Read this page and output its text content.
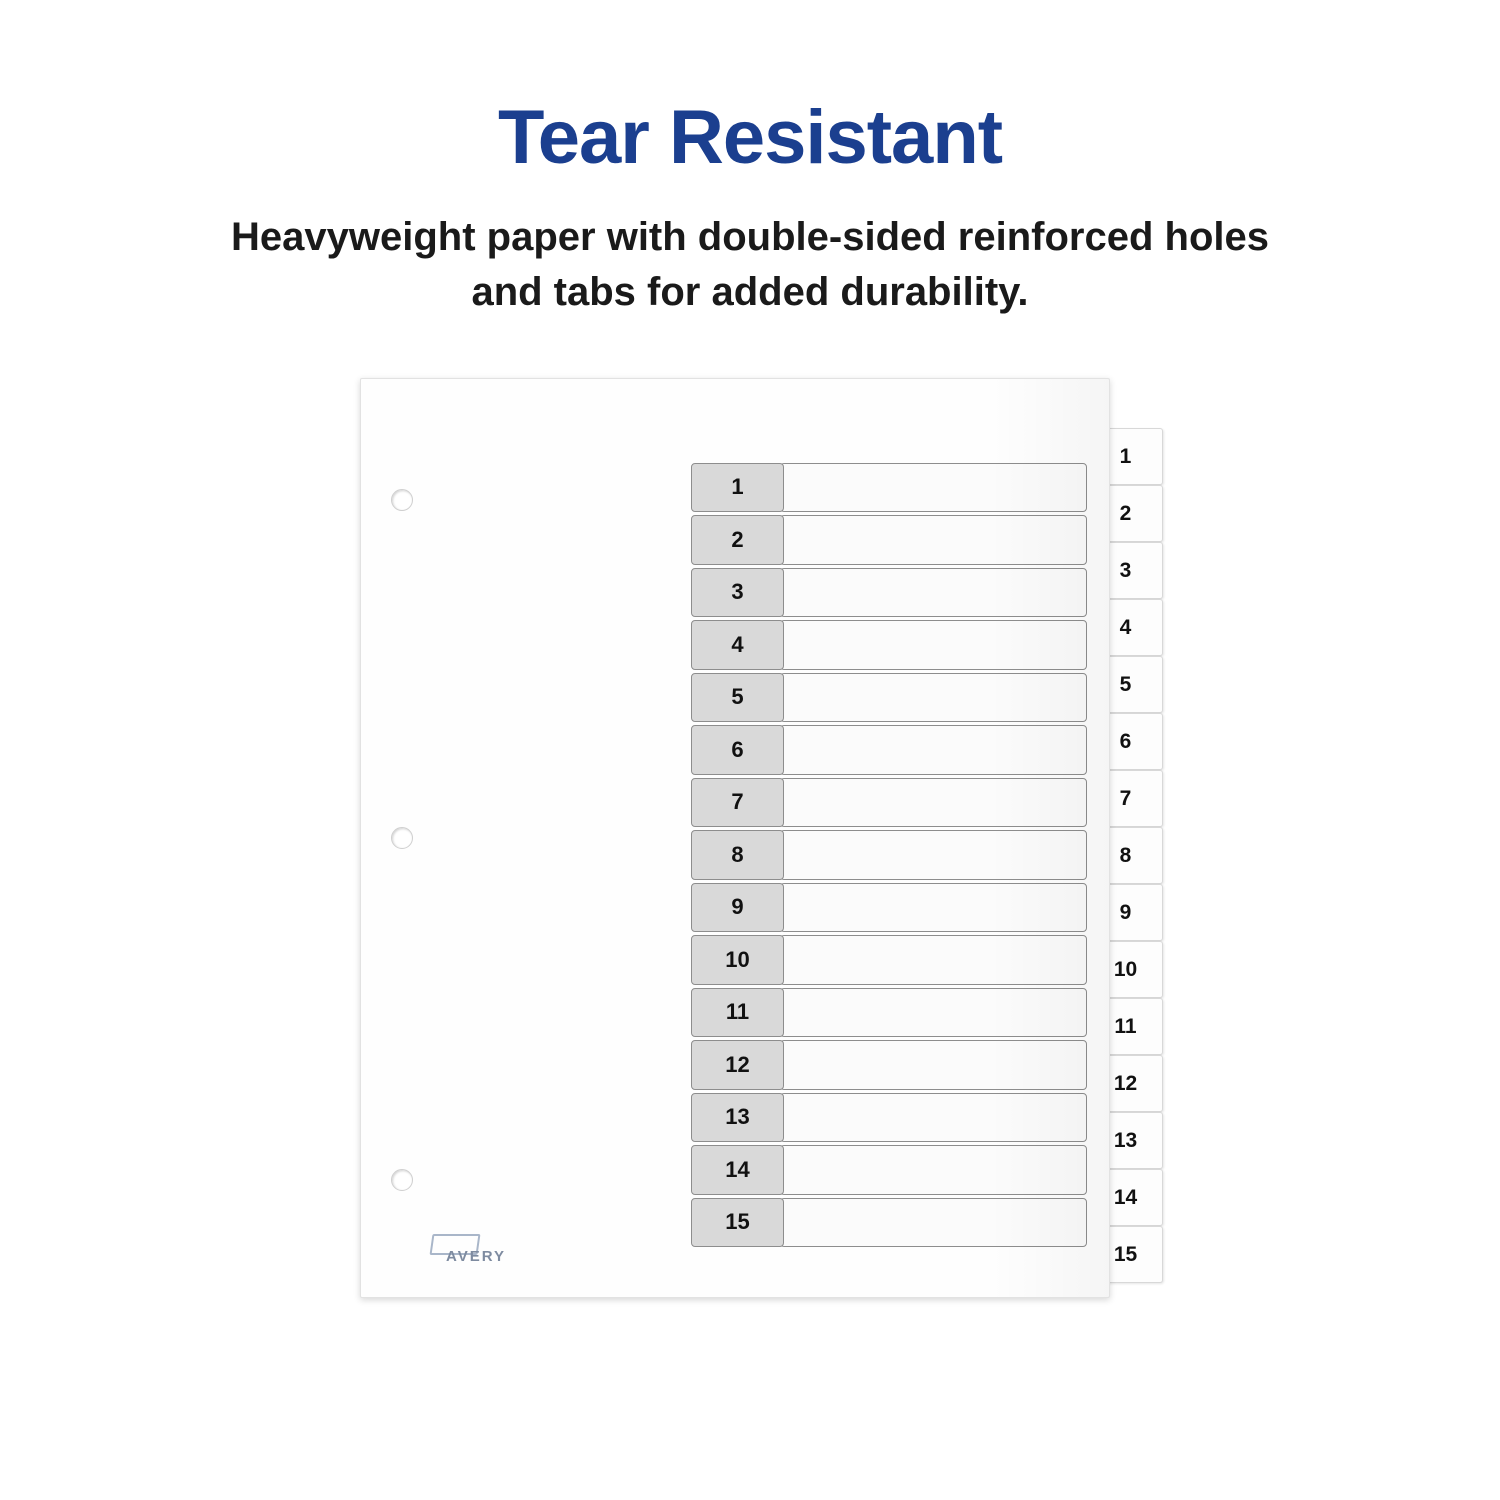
Tear Resistant
Heavyweight paper with double-sided reinforced holes and tabs for added durability.
1
2
3
4
5
6
7
8
9
10
11
12
13
14
15
1
2
3
4
5
6
7
8
9
10
11
12
13
14
15
AVERY
